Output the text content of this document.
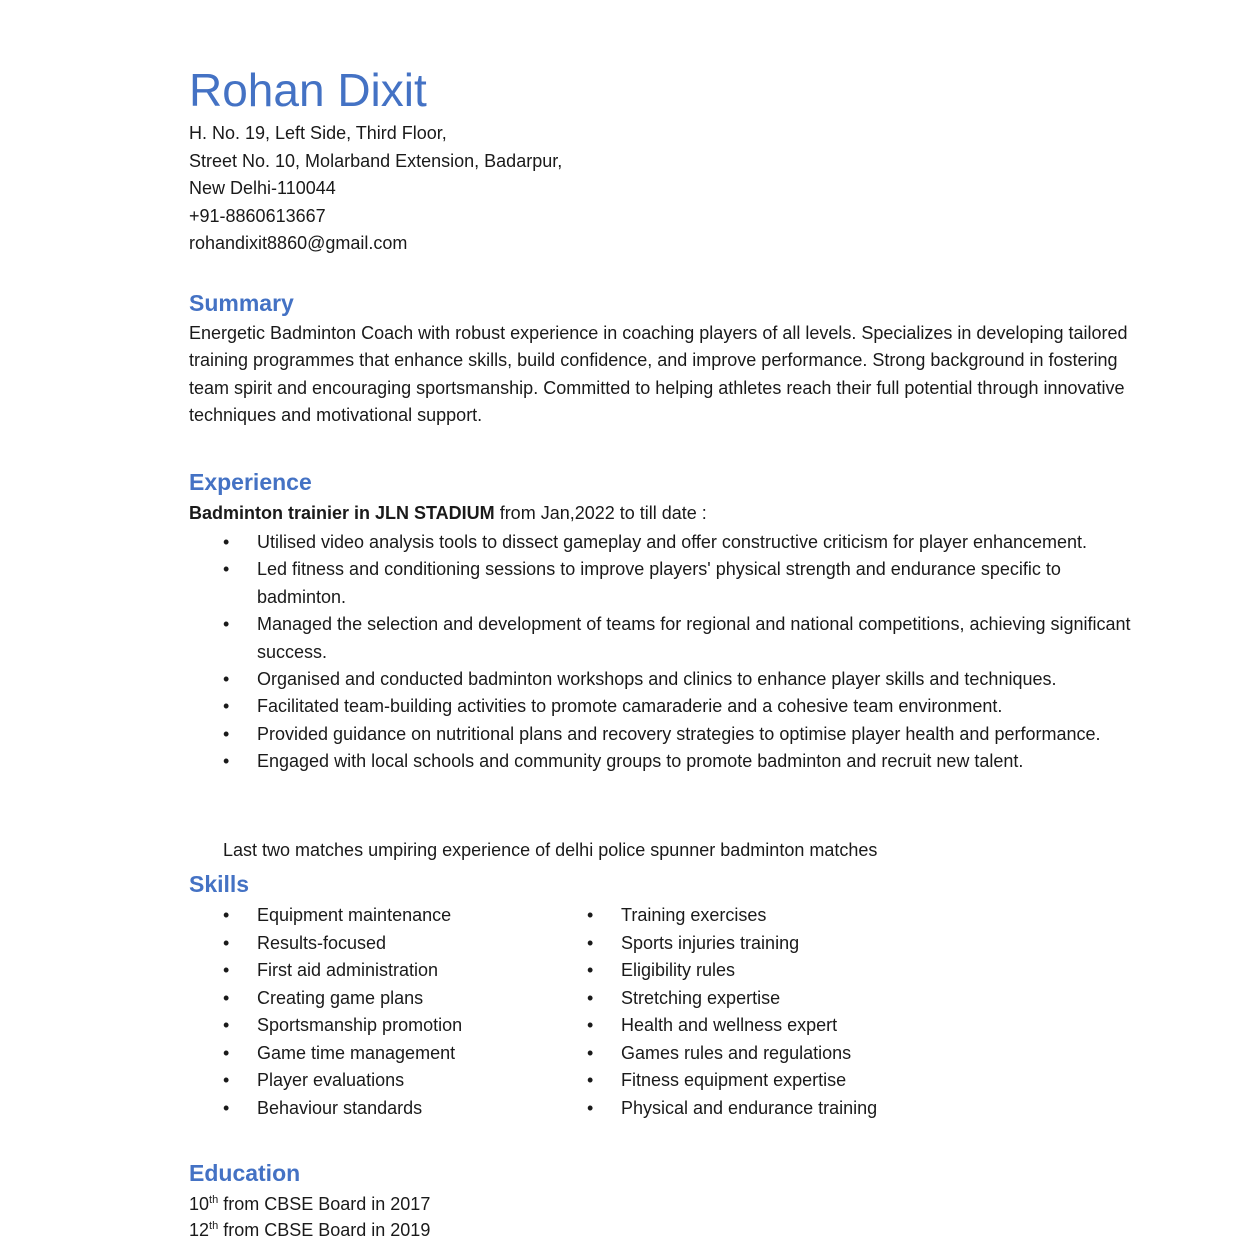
Rohan Dixit
H. No. 19, Left Side, Third Floor,
Street No. 10, Molarband Extension, Badarpur,
New Delhi-110044
+91-8860613667
rohandixit8860@gmail.com
Summary
Energetic Badminton Coach with robust experience in coaching players of all levels. Specializes in developing tailored training programmes that enhance skills, build confidence, and improve performance. Strong background in fostering team spirit and encouraging sportsmanship. Committed to helping athletes reach their full potential through innovative techniques and motivational support.
Experience
Badminton trainier in JLN STADIUM from Jan,2022 to till date :
• Utilised video analysis tools to dissect gameplay and offer constructive criticism for player enhancement.
• Led fitness and conditioning sessions to improve players' physical strength and endurance specific to badminton.
• Managed the selection and development of teams for regional and national competitions, achieving significant success.
• Organised and conducted badminton workshops and clinics to enhance player skills and techniques.
• Facilitated team-building activities to promote camaraderie and a cohesive team environment.
• Provided guidance on nutritional plans and recovery strategies to optimise player health and performance.
• Engaged with local schools and community groups to promote badminton and recruit new talent.
Last two matches umpiring experience of delhi police spunner badminton matches
Skills
• Equipment maintenance
• Results-focused
• First aid administration
• Creating game plans
• Sportsmanship promotion
• Game time management
• Player evaluations
• Behaviour standards
• Training exercises
• Sports injuries training
• Eligibility rules
• Stretching expertise
• Health and wellness expert
• Games rules and regulations
• Fitness equipment expertise
• Physical and endurance training
Education
10th from CBSE Board in 2017
12th from CBSE Board in 2019
